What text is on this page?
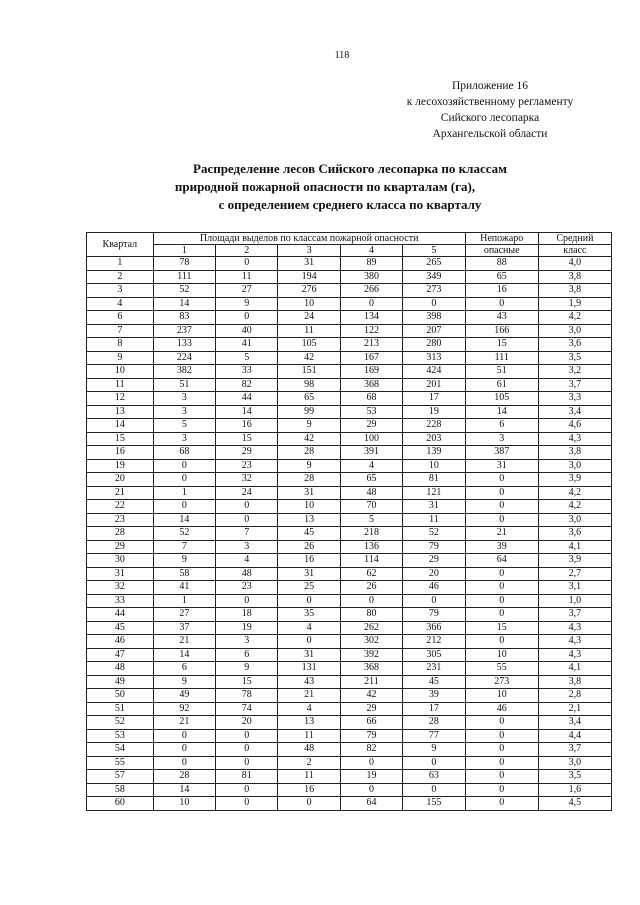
118
Приложение 16
к лесохозяйственному регламенту
Сийского лесопарка
Архангельской области
Распределение лесов Сийского лесопарка по классам
природной пожарной опасности по кварталам (га),
с определением среднего класса по кварталу
Квартал	Площади выделов по классам пожарной опасности					Непожаро	Средний
	1	2	3	4	5	опасные	класс
1	78	0	31	89	265	88	4,0
2	111	11	194	380	349	65	3,8
3	52	27	276	266	273	16	3,8
4	14	9	10	0	0	0	1,9
6	83	0	24	134	398	43	4,2
7	237	40	11	122	207	166	3,0
8	133	41	105	213	280	15	3,6
9	224	5	42	167	313	111	3,5
10	382	33	151	169	424	51	3,2
11	51	82	98	368	201	61	3,7
12	3	44	65	68	17	105	3,3
13	3	14	99	53	19	14	3,4
14	5	16	9	29	228	6	4,6
15	3	15	42	100	203	3	4,3
16	68	29	28	391	139	387	3,8
19	0	23	9	4	10	31	3,0
20	0	32	28	65	81	0	3,9
21	1	24	31	48	121	0	4,2
22	0	0	10	70	31	0	4,2
23	14	0	13	5	11	0	3,0
28	52	7	45	218	52	21	3,6
29	7	3	26	136	79	39	4,1
30	9	4	16	114	29	64	3,9
31	58	48	31	62	20	0	2,7
32	41	23	25	26	46	0	3,1
33	1	0	0	0	0	0	1,0
44	27	18	35	80	79	0	3,7
45	37	19	4	262	366	15	4,3
46	21	3	0	302	212	0	4,3
47	14	6	31	392	305	10	4,3
48	6	9	131	368	231	55	4,1
49	9	15	43	211	45	273	3,8
50	49	78	21	42	39	10	2,8
51	92	74	4	29	17	46	2,1
52	21	20	13	66	28	0	3,4
53	0	0	11	79	77	0	4,4
54	0	0	48	82	9	0	3,7
55	0	0	2	0	0	0	3,0
57	28	81	11	19	63	0	3,5
58	14	0	16	0	0	0	1,6
60	10	0	0	64	155	0	4,5
